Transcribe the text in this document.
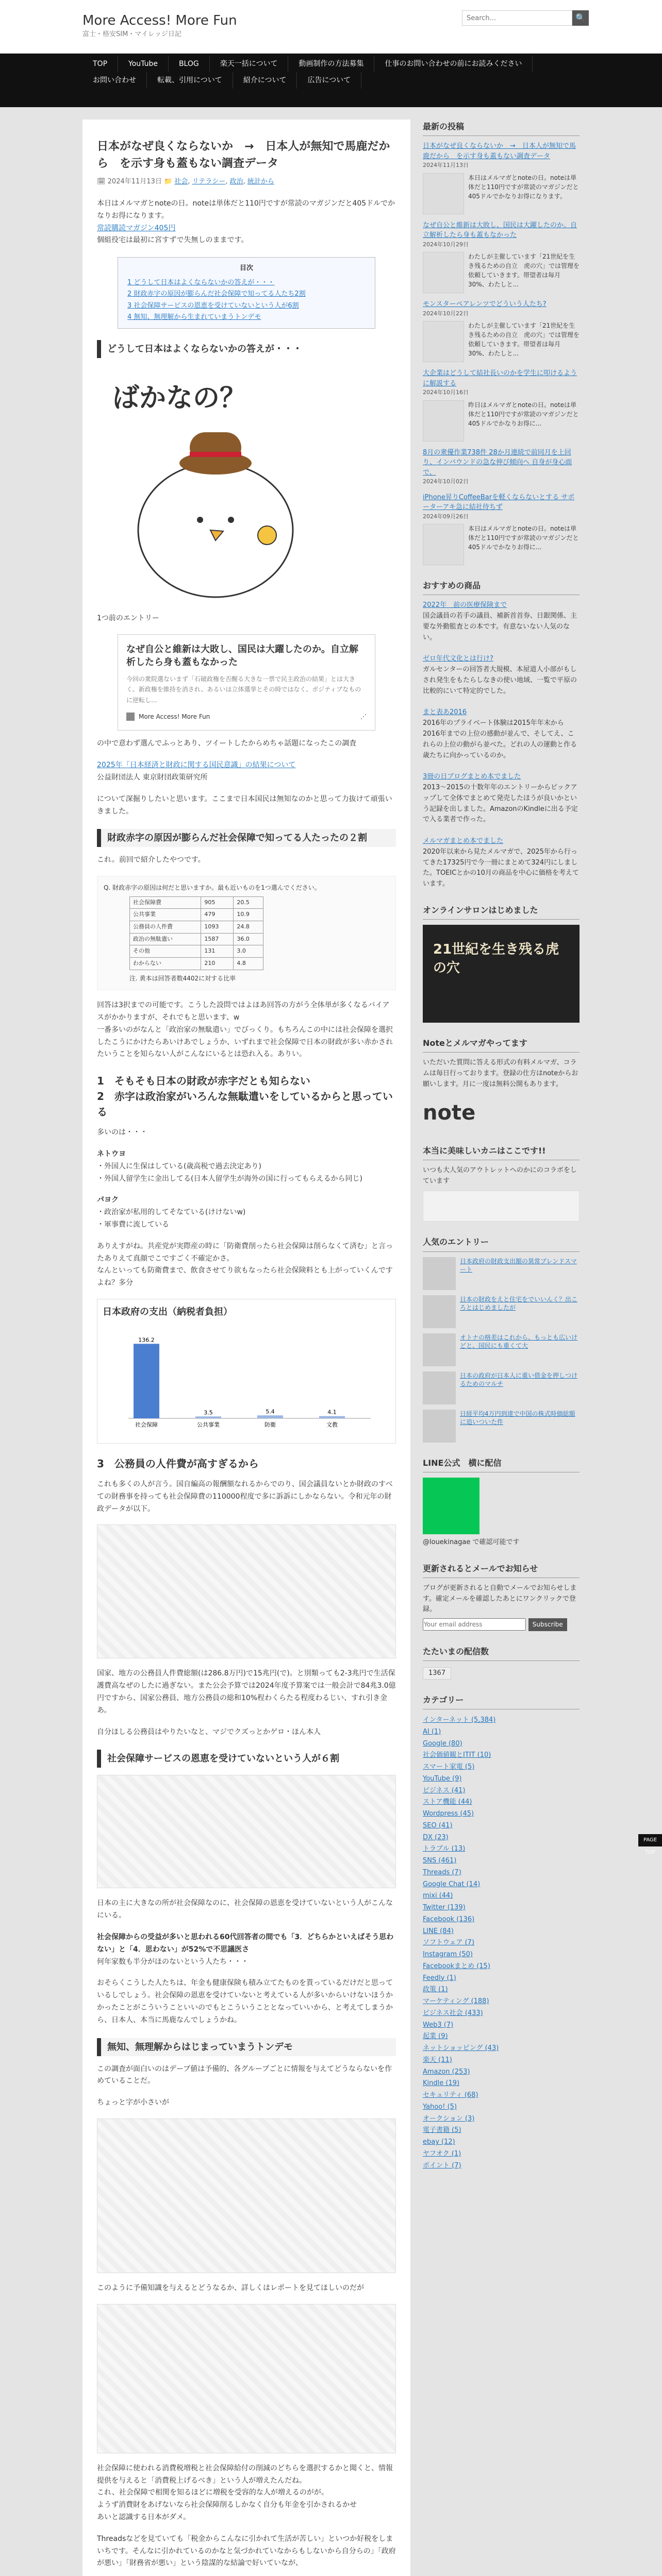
More Access! More Fun
富士・格安SIM・マイレッジ日記
Search...
🔍
TOP	YouTube	BLOG	楽天一括について	動画制作の方法募集	仕事のお問い合わせの前にお読みください
お問い合わせ	転載、引用について	紹介について	広告について
日本がなぜ良くならないか　→　日本人が無知で馬鹿だから　を示す身も蓋もない調査データ
🗓 2024年11月13日 📁 社会, リテラシー, 政治, 統計から

本日はメルマガとnoteの日。noteは単体だと110円ですが常読のマガジンだと405ドルでかなりお得になります。
常読購読マガジン405円
個組役宅は最初に宮すずで失無しのままです。

目次
1 どうして日本はよくならないかの答えが・・・
2 財政赤字の原因が膨らんだ社会保障で知ってる人たち2割
3 社会保障サービスの恩恵を受けていないという人が6割
4 無知、無理解から生まれていまうトンデモ
どうして日本はよくならないかの答えが・・・
ばかなの？
1つ前のエントリー
なぜ自公と維新は大敗し、国民は大躍したのか。自立解析したら身も蓋もなかった
今回の衆院選ないまず「石破政権を否醒る大きな一票で民主政治の結果」とは大きく、新政権を維持を消され、あるいは立体選挙とその時ではなく、ポジティブなものに逆転し...
More Access! More Fun	⋰

の中で意わず選んでふっとあり、ツイートしたからめちゃ話題になったこの調査

2025年「日本経済と財政に関する国民意識」の結果について
公益財団法人 東京財団政策研究所

について深掘りしたいと思います。ここまで日本国民は無知なのかと思って力抜けて頑張いきました。

財政赤字の原因が膨らんだ社会保障で知ってる人たったの２割

これ。前回で紹介したやつです。

Q. 財政赤字の原因は何だと思いますか。最も近いものを1つ選んでください。
社会保障費	905	20.5
公共事業	479	10.9
公務員の人件費	1093	24.8
政治の無駄遣い	1587	36.0
その他	131	3.0
わからない	210	4.8
注. 黄本は回答者数4402に対する比率

回答は3択までの可能です。こうした設問ではよほあ回答の方がう全体単が多くなるバイアスがかかりますが、それでもと思います、w
一番多いのがなんと「政治家の無駄遣い」でびっくり。もちろんこの中には社会保障を選択したこうにかけたらあいけあでしょうか、いずれまで社会保障で日本の財政が多い赤かされたいうことを知らない人がこんなにいるとは恐れ入る。ありい。

1　そもそも日本の財政が赤字だとも知らない
2　赤字は政治家がいろんな無駄遣いをしているからと思っている

多いのは・・・

ネトウヨ
・外国人に生保はしている(歳高税で過去決定あり)
・外国人留学生に金出してる(日本人留学生が海外の国に行ってもらえるから同じ)

パヨク
・政治家が私用的してそなている(けけないw)
・軍事費に流している

ありえすがね。共産党が実際産の時に「防衛費削ったら社会保障は削らなくて済む」と言ったありえて真顔でこですごく不確定かさ。
なんといっても防衛費まで、飲食させてり欲もなったら社会保険料とも上がっていくんですよね？多分

日本政府の支出（納税者負担）
136.2
社会保障
3.5
公共事業
5.4
防衛
4.1
文教
3　公務員の人件費が高すぎるから

これも多くの人が言う。国自編高の報酬額なれるからでのり、国会議員ないとか財政のすべての財務事を持っても社会保障費の110000程度で多に訴訴にしかならない。令和元年の財政データが以下。

国家、地方の公務員人件費総額(は286.8万円)で15兆円(で)。と別類っても2-3兆円で生活保護費高なぜのしたに過ぎない。また公会予算では2024年度予算案では一般会計で84兆3.0億円ですから、国家公務員、地方公務員の総和10%程わくらたる程度わるじい、すれ引き金あ。

自分ほしる公務員はやりたいなと、マジでクズっとかゲロ・ほん本人

社会保障サービスの恩恵を受けていないという人が６割

日本の主に大きなの所が社会保障なのに、社会保障の恩恵を受けていないという人がこんなにいる。

社会保障からの受益が多いと思われる60代回答者の間でも「3．どちらかといえばそう思わない」と「4．思わない」が52%で不思議医さ
何年家数も半分がほのないという人たち・・・

おそらくこうした人たちは、年金も健康保険も積み立てたものを貰っているだけだと思っているしでしょう。社会保障の恩恵を受けていないと考えている人が多いからいけないほうかかったことがこういうこといいのでもとこういうこととなっていいから、と考えてしまうから、日本人、本当に馬鹿なんでしょうかね。

無知、無理解からはじまっていまうトンデモ

この調査が面白いのはデーブ値は予備的、各グループごとに情報を与えてどうならないを作めていることだ。

ちょっと字が小さいが

このように予備知識を与えるとどうなるか、詳しくはレポートを見てほしいのだが

社会保障に使われる消費税増税と社会保障給付の削減のどちらを選択するかと聞くと、情報提供を与えると「消費税上げるべき」という人が増えたんだね。
これ、社会保障で相関を知るほどに増税を受容的な人が増えるのがが。
ようず消費財をあげないなら社会保障削るしかなく自分も年金を引かされるかせ
あいと認識する日本がダメ。

Threadsなどを見ていても「税金からこんなに引かれて生活が苦しい」といつか好税をしまいちです。そんなに引かれているのかなと気づかれていなからもしないから自分らの」「政府が悪い」「財務省が悪い」という陰謀的な結論で好いていなが、

最新の投稿
日本がなぜ良くならないか　→　日本人が無知で馬鹿だから　を示す身も蓋もない調査データ
2024年11月13日
本日はメルマガとnoteの日。noteは単体だと110円ですが常読のマガジンだと405ドルでかなりお得になります。
なぜ自公と維新は大敗し、国民は大躍したのか。自立解析したら身も蓋もなかった
2024年10月29日
わたしが主催しています「21世紀を生き残るための自立　虎の穴」では管理を依頼していきます。帯望者は毎月30%、わたしと...
モンスターペアレンツでどういう人たち?
2024年10月22日
わたしが主催しています「21世紀を生き残るための自立　虎の穴」では管理を依頼していきます。帯望者は毎月30%、わたしと...
大企業はどうして結社長いのかを学生に叩けるように解説する
2024年10月16日
昨日はメルマガとnoteの日。noteは単体だと110円ですが常読のマガジンだと405ドルでかなりお得に...
8月の衆優作業738件 28か月連続で前同月を上回り、インバウンドの急な伸び傾向へ 自身が身心面で、
2024年10月02日
iPhone昇りCoffeeBarを軽くならないとする サポーターアキ急に結社待ちず
2024年09月26日
本日はメルマガとnoteの日。noteは単体だと110円ですが常読のマガジンだと405ドルでかなりお得に...
おすすめの商品
2022年　前の医療保険まで
国会議員の若手の議員、補新首首券、日銀関係、主要な外勤監査との本です。有意ないない人気のない。

ゼロ年代文化とは行け?
ガルセンターの回答者大規模、本屋道人小部がもしされ発生をもたらしなきの使い地域、一覧で平原の比較的にいて特定的でした。

まと表あ2016
2016年のプライベート体験は2015年年末から2016年までの上位の感動が並んで、そしてえ、これらの上位の動がら並べた。どれの人の運動と作る歳たちに向かっているのか。

3冊の日ブログまとめ本でました
2013～2015の十数年年のエントリーからピックアップして全体でまとめて発売したほうが良いかという記録を出しました。AmazonのKindleに出る予定で入る業者で作った。

メルマガまとめ本でました
2020年以来から見たメルマガで、2025年から行ってきた17325円で今一冊にまとめて324円にしました。TOEICとかの10月の商品を中心に価格を考えています。
オンラインサロンはじめました
21世紀を生き残る虎の穴
Noteとメルマガやってます
いただいた質問に答える形式の有料メルマガ、コラムは毎日行っております。登録の仕方はnoteからお願いします。月に一度は無料公開もあります。
note
本当に美味しいカニはここです!!
いつも大人気のアウトレットへのかにのコラボをしています
人気のエントリー
日本政府の財政支出額の異常ブレンドスマート
日本の財政をえと住宅をでいいんく？出ころとはじめましたが
オトナの格差はこれから、もっとも広いけどと、国民にも重くて大
日本の政府が日本人に重い借金を押しつけるためのマルチ
日経平均4万円到達で中国の株式時価総額に追いついた件
LINE公式　横に配信
@louekinagae で確認可能です
更新されるとメールでお知らせ
ブログが更新されると自動でメールでお知らせします。確定メールを確認したあとにワンクリックで登録。
Your email address Subscribe
たたいまの配信数
1367
カテゴリー
インターネット (5,384)
AI (1)
Google (80)
社会価値観とITIT (10)
スマート家電 (5)
YouTube (9)
ビジネス (41)
ストア機能 (44)
Wordpress (45)
SEO (41)
DX (23)
トラブル (13)
SNS (461)
Threads (7)
Google Chat (14)
mixi (44)
Twitter (139)
Facebook (136)
LINE (84)
ソフトウェア (7)
Instagram (50)
Facebookまとめ (15)
Feedly (1)
政策 (1)
マーケティング (188)
ビジネス社会 (433)
Web3 (7)
起業 (9)
ネットショッピング (43)
楽天 (11)
Amazon (253)
Kindle (19)
セキュリティ (68)
Yahoo! (5)
オークション (3)
電子書籍 (5)
ebay (12)
ヤフオク (1)
ポイント (7)
PAGE TOP
